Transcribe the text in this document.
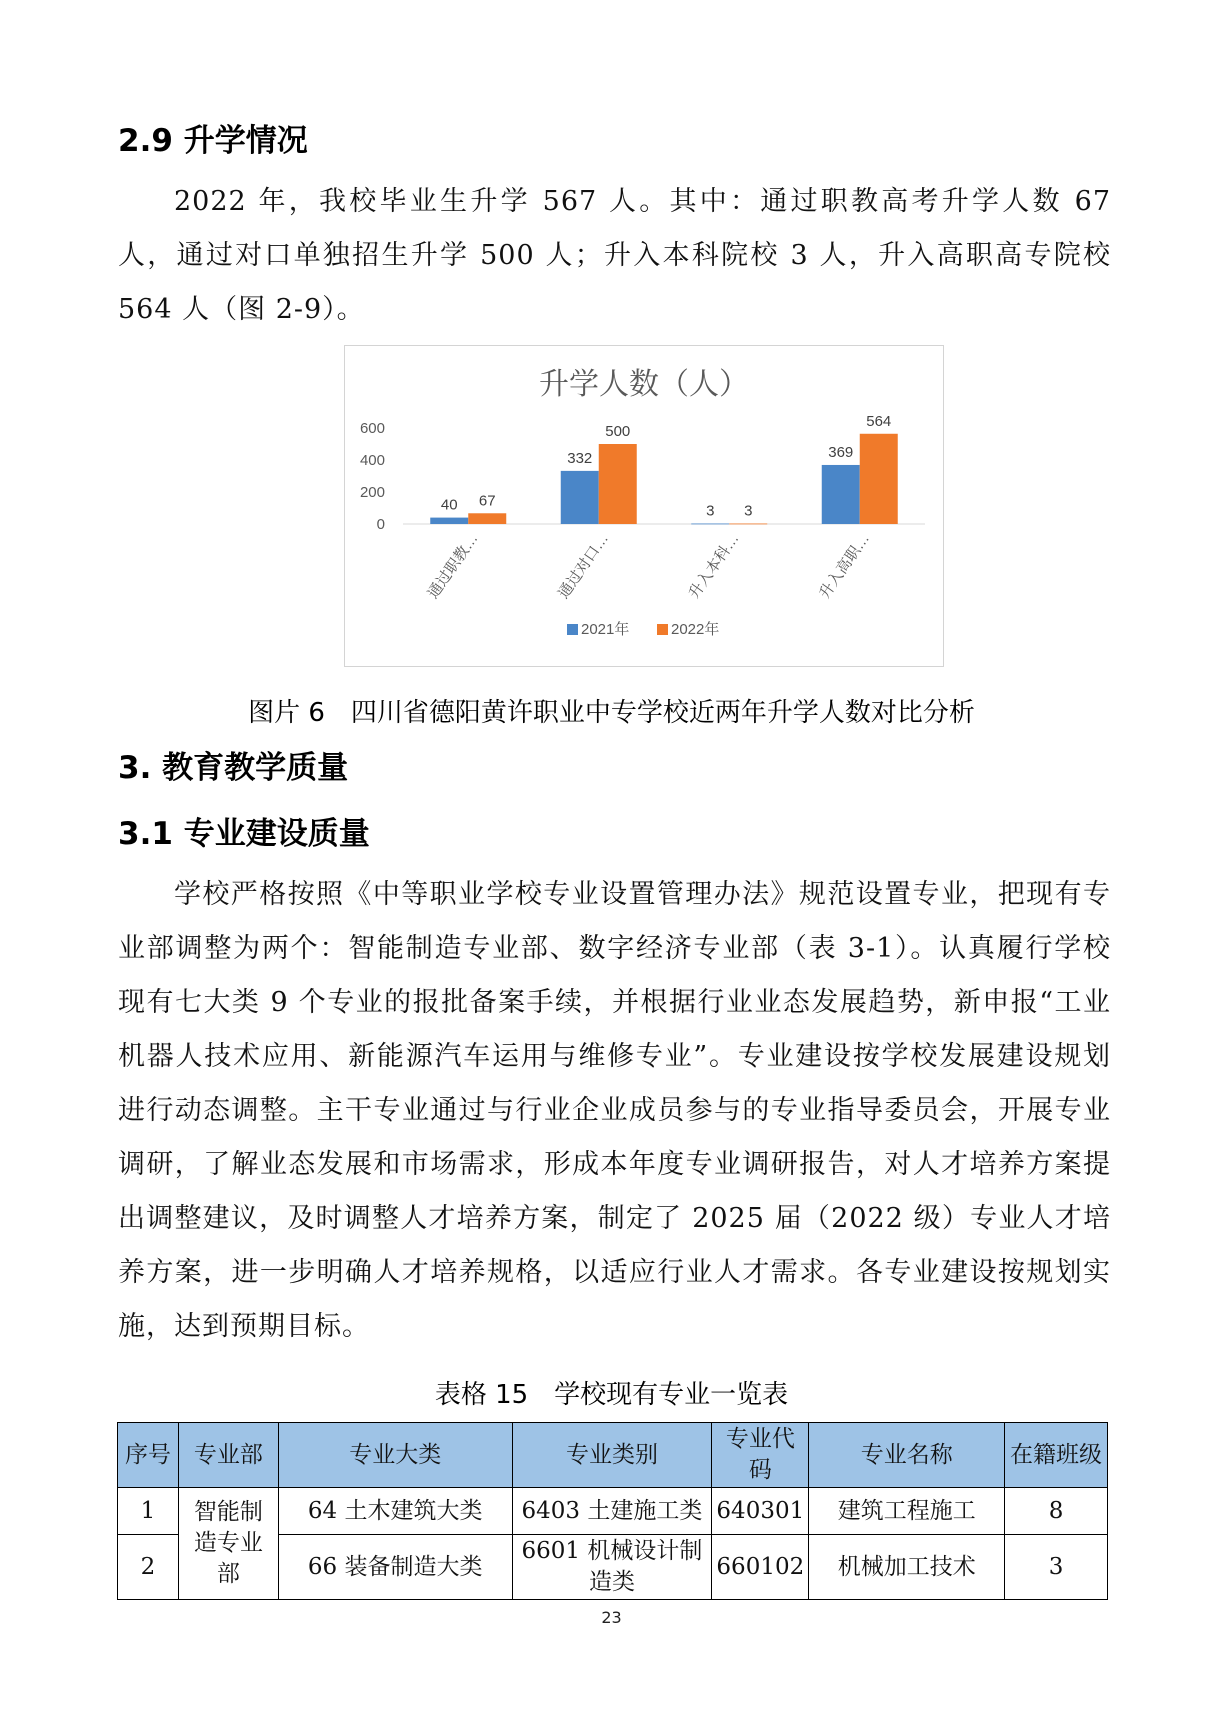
2.9 升学情况

2022 年，我校毕业生升学 567 人。其中：通过职教高考升学人数 67 人，通过对口单独招生升学 500 人；升入本科院校 3 人，升入高职高专院校 564 人（图 2-9）。

升学人数（人）
0
200
400
600
40 67
通过职教…
332
500
通过对口…
3 3
升入本科…
369
564
升入高职…
2021年	2022年
图片 6　四川省德阳黄许职业中专学校近两年升学人数对比分析
3. 教育教学质量
3.1 专业建设质量

学校严格按照《中等职业学校专业设置管理办法》规范设置专业，把现有专业部调整为两个：智能制造专业部、数字经济专业部（表 3-1）。认真履行学校现有七大类 9 个专业的报批备案手续，并根据行业业态发展趋势，新申报“工业机器人技术应用、新能源汽车运用与维修专业”。专业建设按学校发展建设规划进行动态调整。主干专业通过与行业企业成员参与的专业指导委员会，开展专业调研，了解业态发展和市场需求，形成本年度专业调研报告，对人才培养方案提出调整建议，及时调整人才培养方案，制定了 2025 届（2022 级）专业人才培养方案，进一步明确人才培养规格，以适应行业人才需求。各专业建设按规划实施，达到预期目标。

表格 15　学校现有专业一览表
序号	专业部	专业大类	专业类别	专业代码	专业名称	在籍班级
1	智能制造专业部	64 土木建筑大类	6403 土建施工类	640301	建筑工程施工	8
2		66 装备制造大类	6601 机械设计制造类	660102	机械加工技术	3
23
